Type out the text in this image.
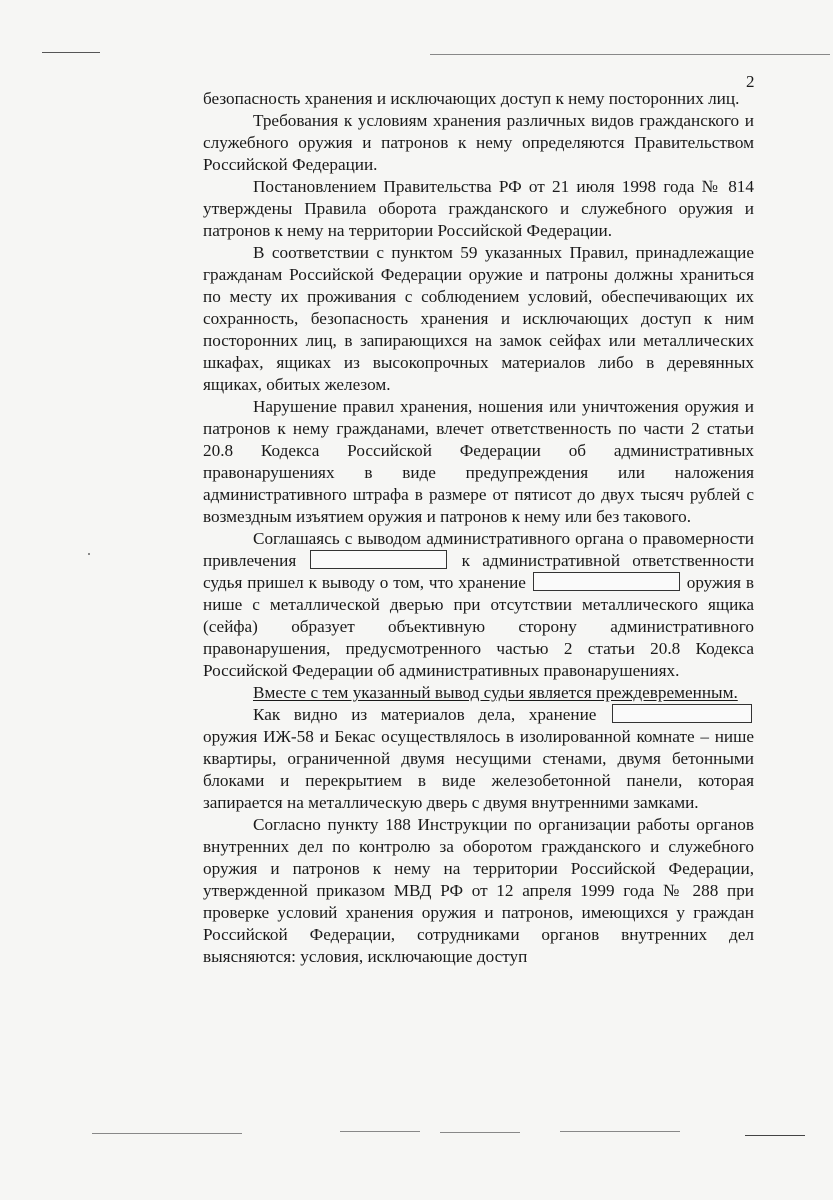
2

безопасность хранения и исключающих доступ к нему посторонних лиц.

Требования к условиям хранения различных видов гражданского и служебного оружия и патронов к нему определяются Правительством Российской Федерации.

Постановлением Правительства РФ от 21 июля 1998 года № 814 утверждены Правила оборота гражданского и служебного оружия и патронов к нему на территории Российской Федерации.

В соответствии с пунктом 59 указанных Правил, принадлежащие гражданам Российской Федерации оружие и патроны должны храниться по месту их проживания с соблюдением условий, обеспечивающих их сохранность, безопасность хранения и исключающих доступ к ним посторонних лиц, в запирающихся на замок сейфах или металлических шкафах, ящиках из высокопрочных материалов либо в деревянных ящиках, обитых железом.

Нарушение правил хранения, ношения или уничтожения оружия и патронов к нему гражданами, влечет ответственность по части 2 статьи 20.8 Кодекса Российской Федерации об административных правонарушениях в виде предупреждения или наложения административного штрафа в размере от пятисот до двух тысяч рублей с возмездным изъятием оружия и патронов к нему или без такового.

Соглашаясь с выводом административного органа о правомерности привлечения	к административной ответственности судья пришел к выводу о том, что хранение	оружия в нише с металлической дверью при отсутствии металлического ящика (сейфа) образует объективную сторону административного правонарушения, предусмотренного частью 2 статьи 20.8 Кодекса Российской Федерации об административных правонарушениях.

Вместе с тем указанный вывод судьи является преждевременным.

Как видно из материалов дела, хранение  оружия ИЖ-58 и Бекас осуществлялось в изолированной комнате – нише квартиры, ограниченной двумя несущими стенами, двумя бетонными блоками и перекрытием в виде железобетонной панели, которая запирается на металлическую дверь с двумя внутренними замками.

Согласно пункту 188 Инструкции по организации работы органов внутренних дел по контролю за оборотом гражданского и служебного оружия и патронов к нему на территории Российской Федерации, утвержденной приказом МВД РФ от 12 апреля 1999 года № 288 при проверке условий хранения оружия и патронов, имеющихся у граждан Российской Федерации, сотрудниками органов внутренних дел выясняются: условия, исключающие доступ
